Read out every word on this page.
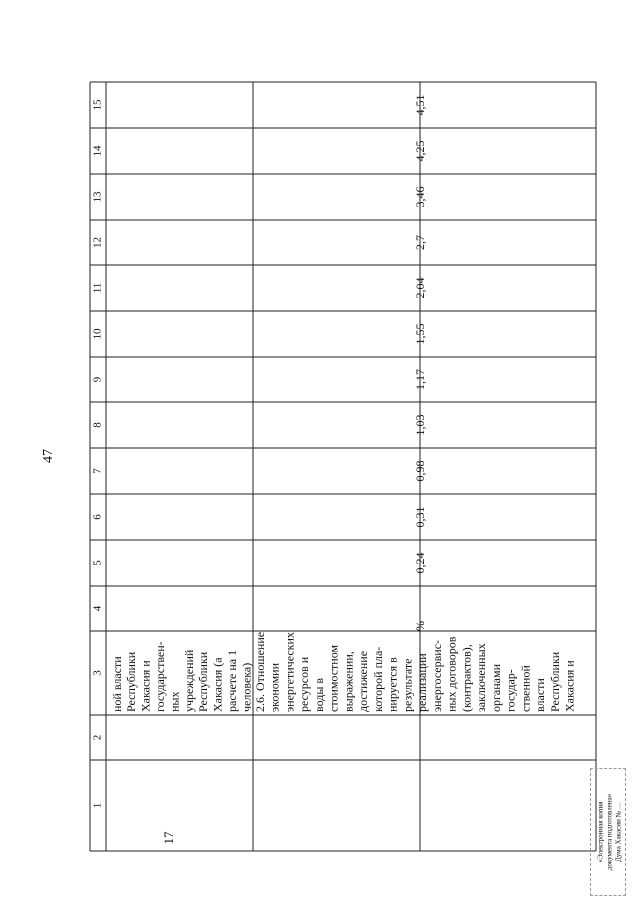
47
1
2
3
4
5
6
7
8
9
10
11
12
13
14
15
ной власти Республики Хакасия и государствен- ных учреждений Республики Хакасия (а расчете на 1 человека)
17
2.6. Отношение экономии энергетических ресурсов и воды в стоимостном выражении, достижение которой пла- нируется в результате реализации энергосервис- ных договоров (контрактов), заключенных органами государ- ственной власти Республики Хакасия и
%
0,24
0,31
0,98
1,03
1,17
1,55
2,04
2,7
3,46
4,25
4,51
«Электронная копия документа подготовлена» Дума Хакасии № …
